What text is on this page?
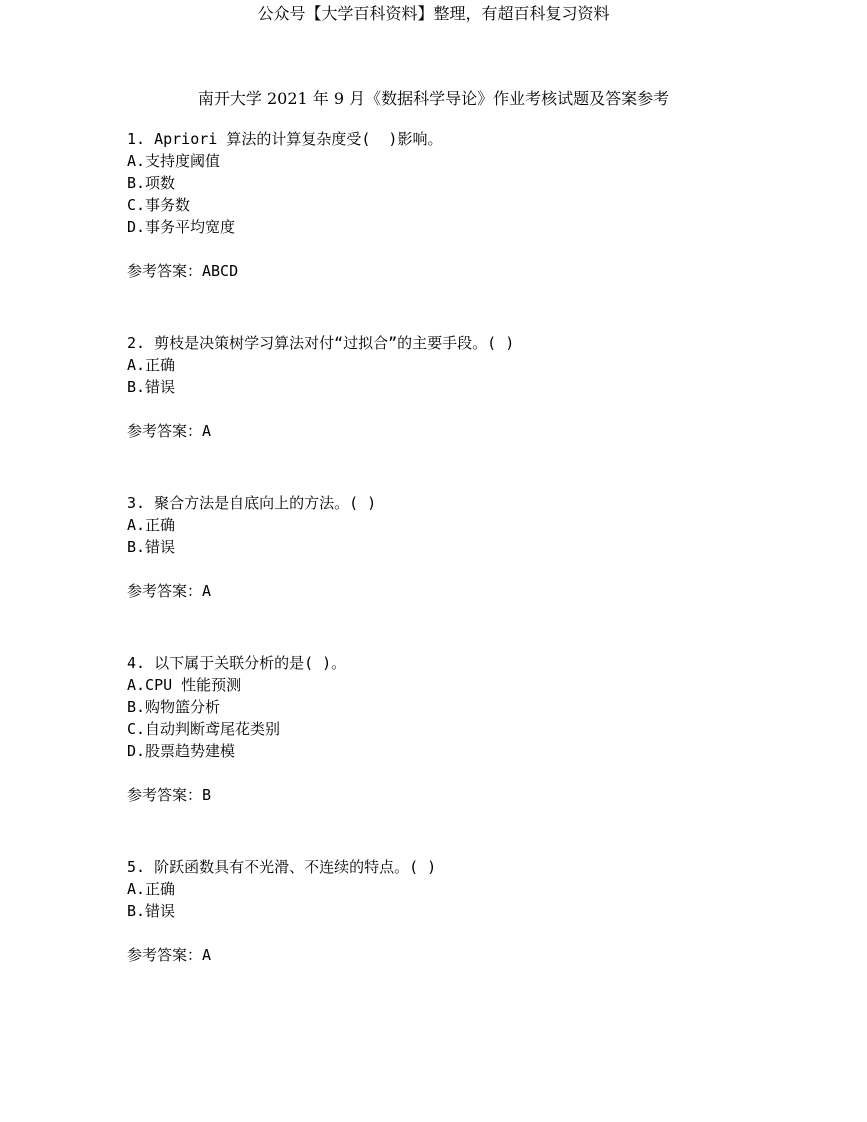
公众号【大学百科资料】整理，有超百科复习资料
南开大学 2021 年 9 月《数据科学导论》作业考核试题及答案参考
1. Apriori 算法的计算复杂度受(  )影响。
A.支持度阈值
B.项数
C.事务数
D.事务平均宽度
参考答案：ABCD
2. 剪枝是决策树学习算法对付“过拟合”的主要手段。( )
A.正确
B.错误
参考答案：A
3. 聚合方法是自底向上的方法。( )
A.正确
B.错误
参考答案：A
4. 以下属于关联分析的是( )。
A.CPU 性能预测
B.购物篮分析
C.自动判断鸢尾花类别
D.股票趋势建模
参考答案：B
5. 阶跃函数具有不光滑、不连续的特点。( )
A.正确
B.错误
参考答案：A
